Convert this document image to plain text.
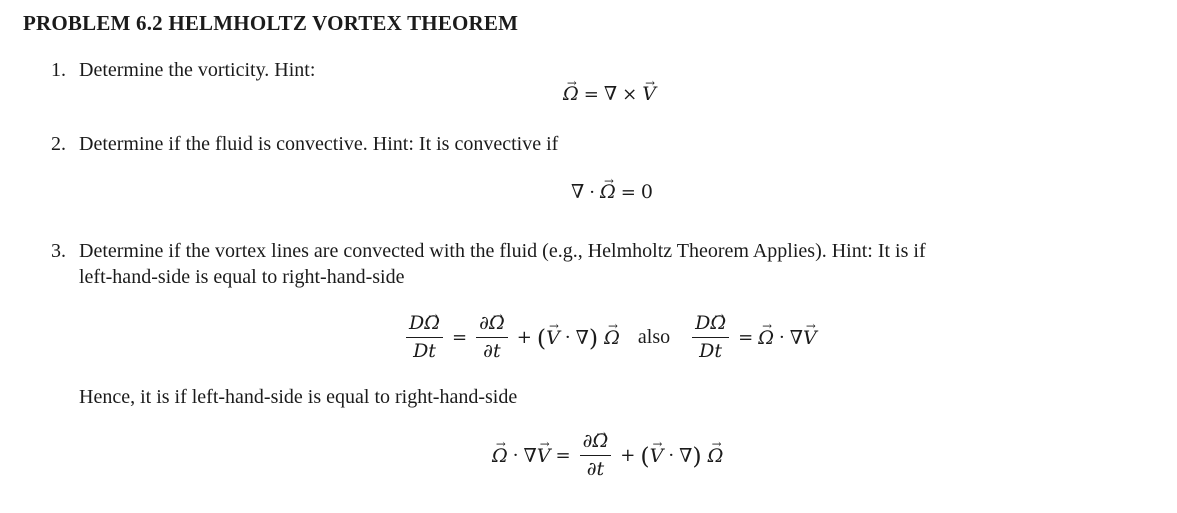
PROBLEM 6.2 HELMHOLTZ VORTEX THEOREM
1. Determine the vorticity. Hint:
Ω → = ∇ × V →
2. Determine if the fluid is convective. Hint: It is convective if
∇ · Ω → = 0
3. Determine if the vortex lines are convected with the fluid (e.g., Helmholtz Theorem Applies). Hint: It is if
left-hand-side is equal to right-hand-side
$\frac{D\Omega \to}{Dt} = \frac{\partial\Omega \to}{\partial t}$ + ( V → · ∇ ) Ω → also $\frac{D\Omega \to}{Dt} = \Omega$ → · ∇ V →
Hence, it is if left-hand-side is equal to right-hand-side
Ω → · ∇ V → = $\frac{\partial\Omega \to}{\partial t}$ + ( V → · ∇ ) Ω →
